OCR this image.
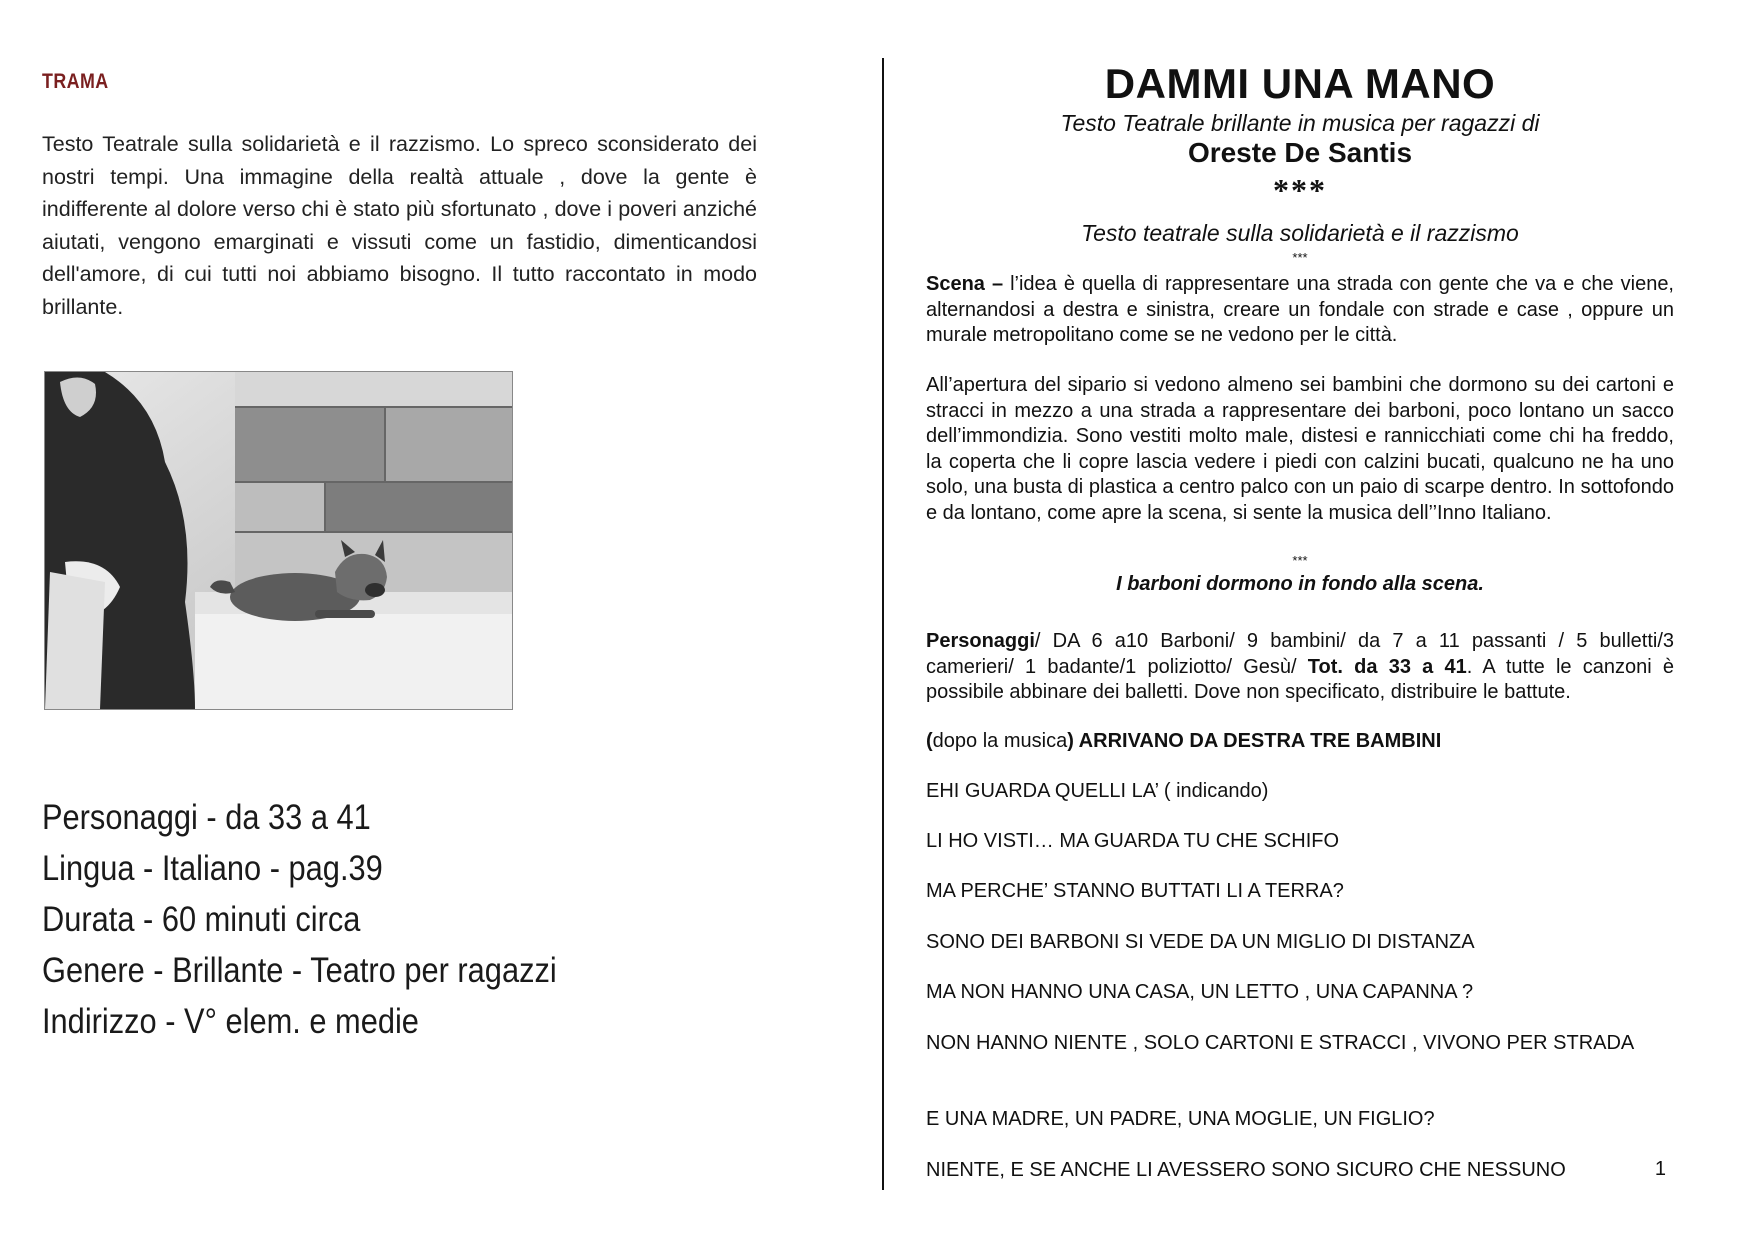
TRAMA
Testo Teatrale sulla solidarietà e il razzismo. Lo spreco sconsiderato dei nostri tempi. Una immagine della realtà attuale , dove la gente è indifferente al dolore verso chi è stato più sfortunato , dove i poveri anziché aiutati, vengono emarginati e vissuti come un fastidio, dimenticandosi dell'amore, di cui tutti noi abbiamo bisogno. Il tutto raccontato in modo brillante.
Personaggi - da 33 a 41
Lingua - Italiano - pag.39
Durata - 60 minuti circa
Genere - Brillante - Teatro per ragazzi
Indirizzo - V° elem. e medie
DAMMI UNA MANO
Testo Teatrale brillante in musica per ragazzi di
Oreste De Santis
***
Testo teatrale sulla solidarietà e il razzismo
***
Scena – l’idea è quella di rappresentare una strada con gente che va e che viene, alternandosi a destra e sinistra, creare un fondale con strade e case , oppure un murale metropolitano come se ne vedono per le città.
All’apertura del sipario si vedono almeno sei bambini che dormono su dei cartoni e stracci in mezzo a una strada a rappresentare dei barboni, poco lontano un sacco dell’immondizia. Sono vestiti molto male, distesi e rannicchiati come chi ha freddo, la coperta che li copre lascia vedere i piedi con calzini bucati, qualcuno ne ha uno solo, una busta di plastica a centro palco con un paio di scarpe dentro. In sottofondo e da lontano, come apre la scena, si sente la musica dell’’Inno Italiano.
***
I barboni dormono in fondo alla scena.
Personaggi/ DA 6 a10 Barboni/ 9 bambini/ da 7 a 11 passanti / 5 bulletti/3 camerieri/ 1 badante/1 poliziotto/ Gesù/ Tot. da 33 a 41. A tutte le canzoni è possibile abbinare dei balletti. Dove non specificato, distribuire le battute.
(dopo la musica) ARRIVANO DA DESTRA TRE BAMBINI
EHI GUARDA QUELLI LA’ ( indicando)
LI HO VISTI… MA GUARDA TU CHE SCHIFO
MA PERCHE’ STANNO BUTTATI LI A TERRA?
SONO DEI BARBONI SI VEDE DA UN MIGLIO DI DISTANZA
MA NON HANNO UNA CASA, UN LETTO , UNA CAPANNA ?
NON HANNO NIENTE , SOLO CARTONI E STRACCI , VIVONO PER STRADA
E UNA MADRE, UN PADRE, UNA MOGLIE, UN FIGLIO?
NIENTE, E SE ANCHE LI AVESSERO SONO SICURO CHE NESSUNO	1
